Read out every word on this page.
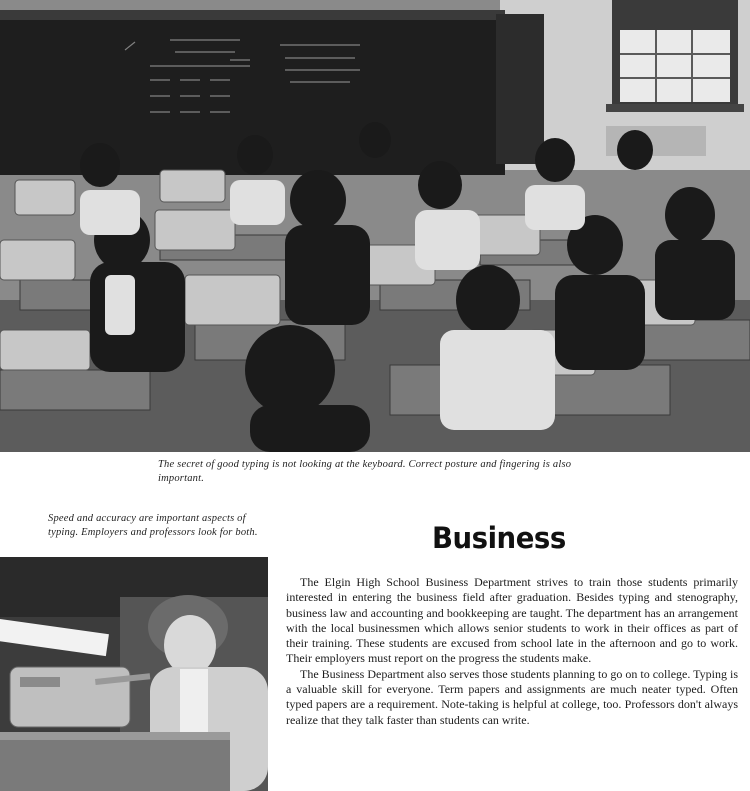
The secret of good typing is not looking at the keyboard. Correct posture and fingering is also important.
Speed and accuracy are important aspects of typing. Employers and professors look for both.	Business

The Elgin High School Business Department strives to train those students primarily interested in entering the business field after graduation. Besides typing and stenography, business law and accounting and bookkeeping are taught. The department has an arrangement with the local businessmen which allows senior students to work in their offices as part of their training. These students are excused from school late in the afternoon and go to work. Their employers must report on the progress the students make.

The Business Department also serves those students planning to go on to college. Typing is a valuable skill for everyone. Term papers and assignments are much neater typed. Often typed papers are a requirement. Note-taking is helpful at college, too. Professors don't always realize that they talk faster than students can write.
